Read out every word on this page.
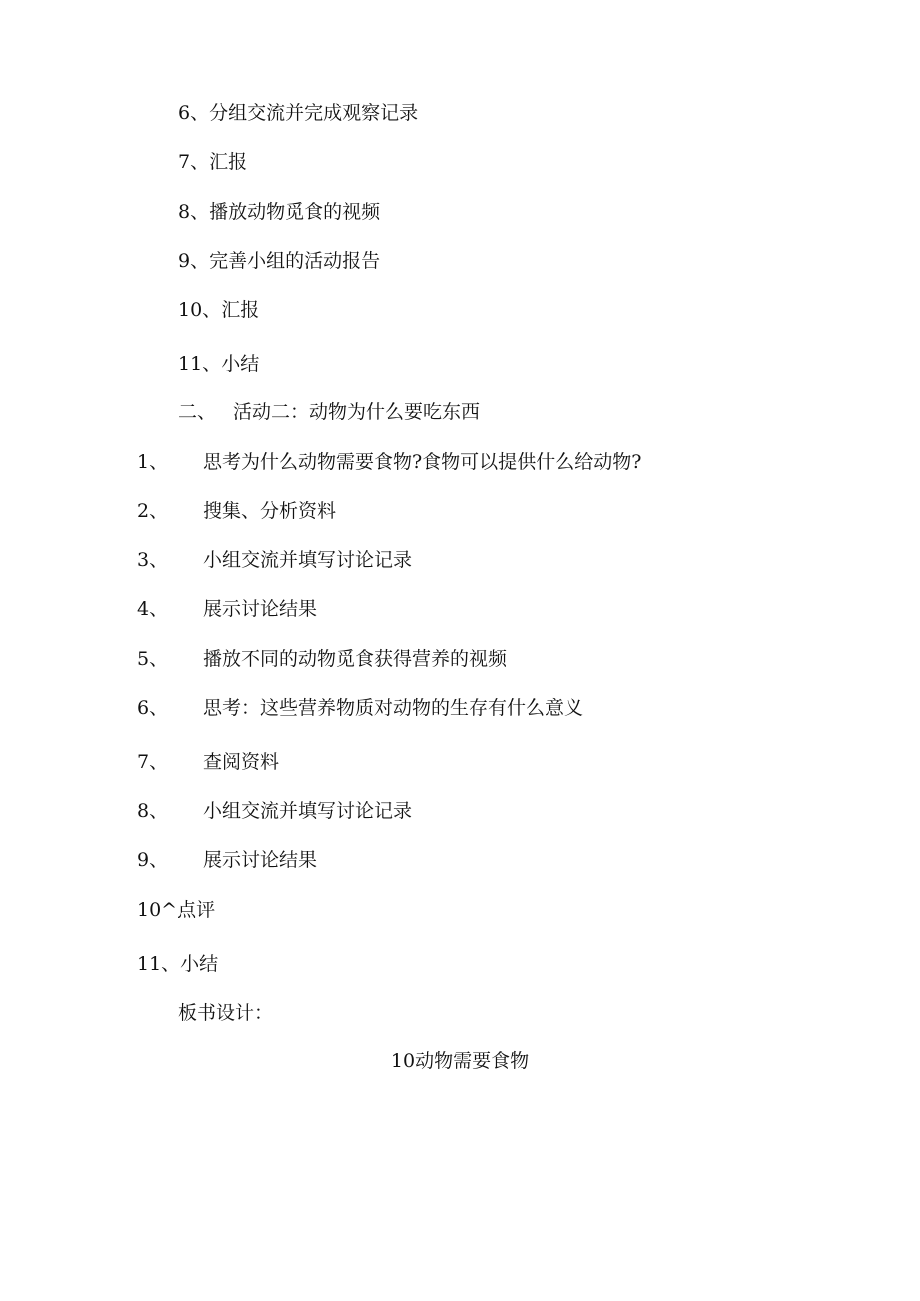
6、分组交流并完成观察记录
7、汇报
8、播放动物觅食的视频
9、完善小组的活动报告
10、汇报
11、小结
二、 活动二：动物为什么要吃东西
1、 思考为什么动物需要食物?食物可以提供什么给动物?
2、 搜集、分析资料
3、 小组交流并填写讨论记录
4、 展示讨论结果
5、 播放不同的动物觅食获得营养的视频
6、 思考：这些营养物质对动物的生存有什么意义
7、 查阅资料
8、 小组交流并填写讨论记录
9、 展示讨论结果
10^点评
11、小结
板书设计：
10动物需要食物
